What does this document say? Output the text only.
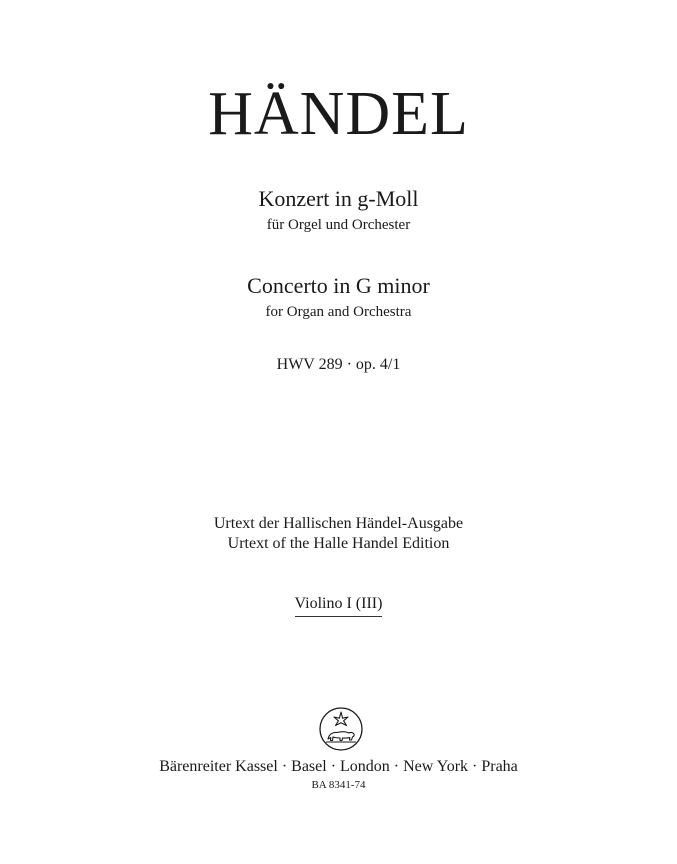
HÄNDEL
Konzert in g-Moll
für Orgel und Orchester
Concerto in G minor
for Organ and Orchestra
HWV 289 · op. 4/1
Urtext der Hallischen Händel-Ausgabe
Urtext of the Halle Handel Edition
Violino I (III)
Bärenreiter Kassel · Basel · London · New York · Praha
BA 8341-74
